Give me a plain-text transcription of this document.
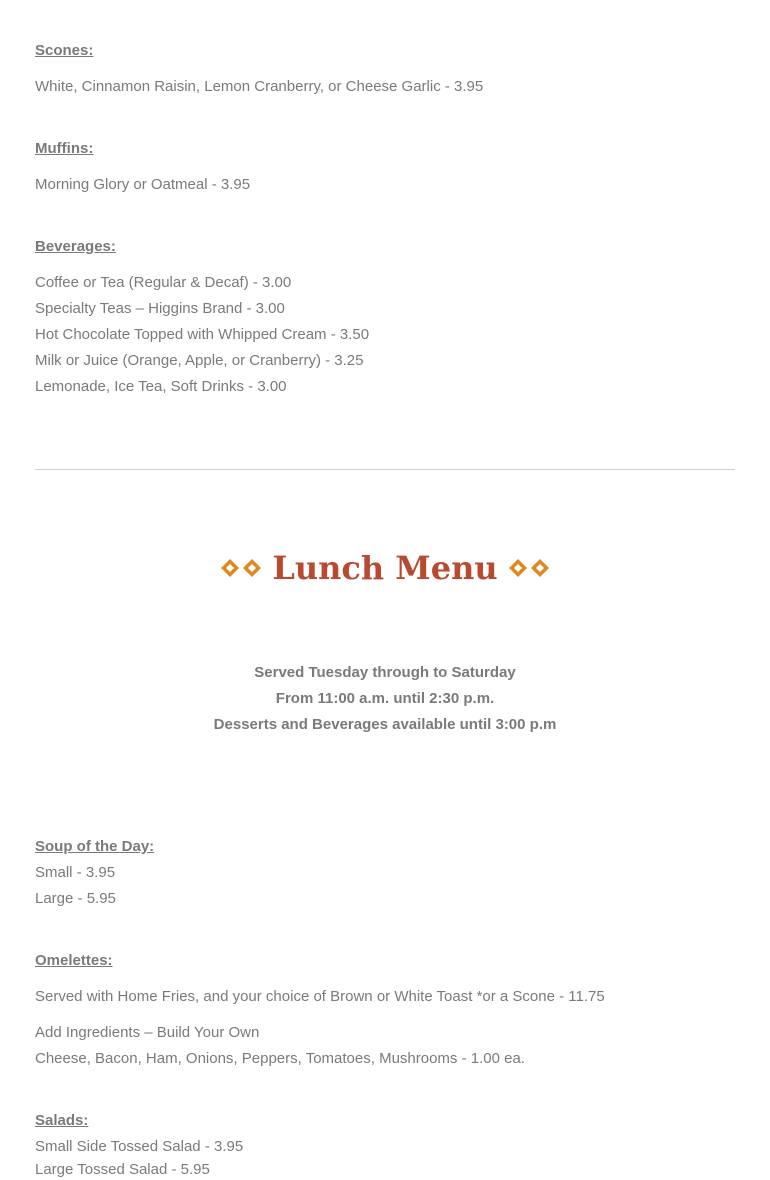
Scones:
White, Cinnamon Raisin, Lemon Cranberry, or Cheese Garlic - 3.95
Muffins:
Morning Glory or Oatmeal - 3.95
Beverages:
Coffee or Tea (Regular & Decaf) - 3.00
Specialty Teas – Higgins Brand - 3.00
Hot Chocolate Topped with Whipped Cream - 3.50
Milk or Juice (Orange, Apple, or Cranberry) - 3.25
Lemonade, Ice Tea, Soft Drinks - 3.00
Lunch Menu
Served Tuesday through to Saturday
From 11:00 a.m. until 2:30 p.m.
Desserts and Beverages available until 3:00 p.m
Soup of the Day:
Small - 3.95
Large - 5.95
Omelettes:
Served with Home Fries, and your choice of Brown or White Toast *or a Scone - 11.75
Add Ingredients – Build Your Own
Cheese, Bacon, Ham, Onions, Peppers, Tomatoes, Mushrooms - 1.00 ea.
Salads:
Small Side Tossed Salad - 3.95
Large Tossed Salad - 5.95
